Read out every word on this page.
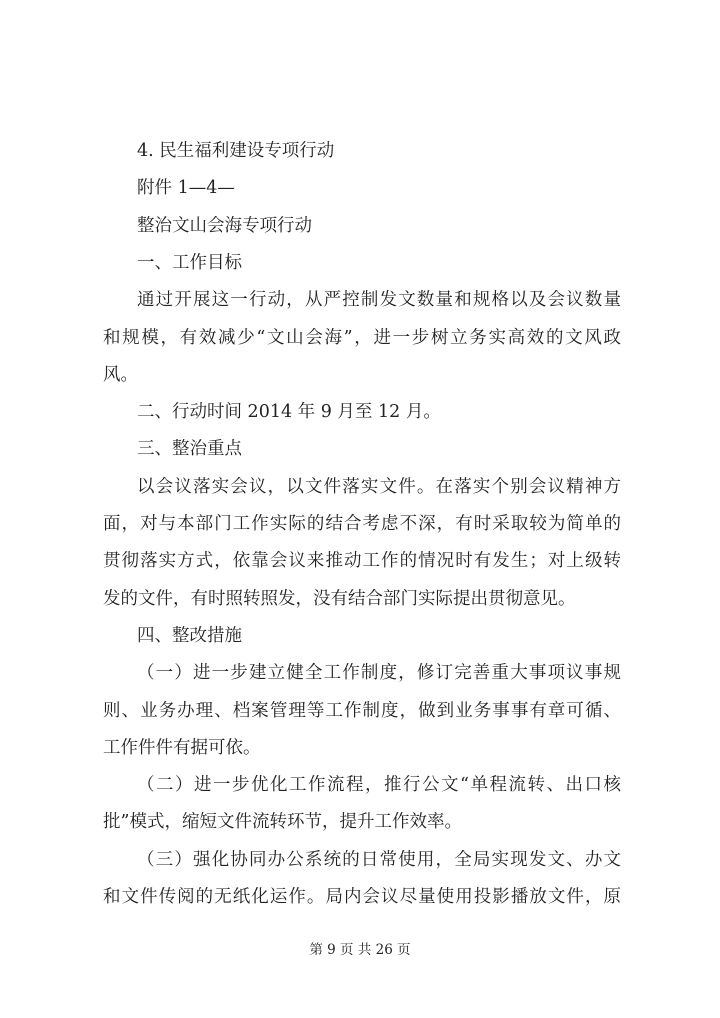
第 9 页 共 26 页
4. 民生福利建设专项行动
附件 1—4—
整治文山会海专项行动
一、工作目标
通过开展这一行动，从严控制发文数量和规格以及会议数量
和规模，有效减少“文山会海”，进一步树立务实高效的文风政
风。
二、行动时间 2014 年 9 月至 12 月。
三、整治重点
以会议落实会议，以文件落实文件。在落实个别会议精神方
面，对与本部门工作实际的结合考虑不深，有时采取较为简单的
贯彻落实方式，依靠会议来推动工作的情况时有发生；对上级转
发的文件，有时照转照发，没有结合部门实际提出贯彻意见。
四、整改措施
（一）进一步建立健全工作制度，修订完善重大事项议事规
则、业务办理、档案管理等工作制度，做到业务事事有章可循、
工作件件有据可依。
（二）进一步优化工作流程，推行公文“单程流转、出口核
批”模式，缩短文件流转环节，提升工作效率。
（三）强化协同办公系统的日常使用，全局实现发文、办文
和文件传阅的无纸化运作。局内会议尽量使用投影播放文件，原
